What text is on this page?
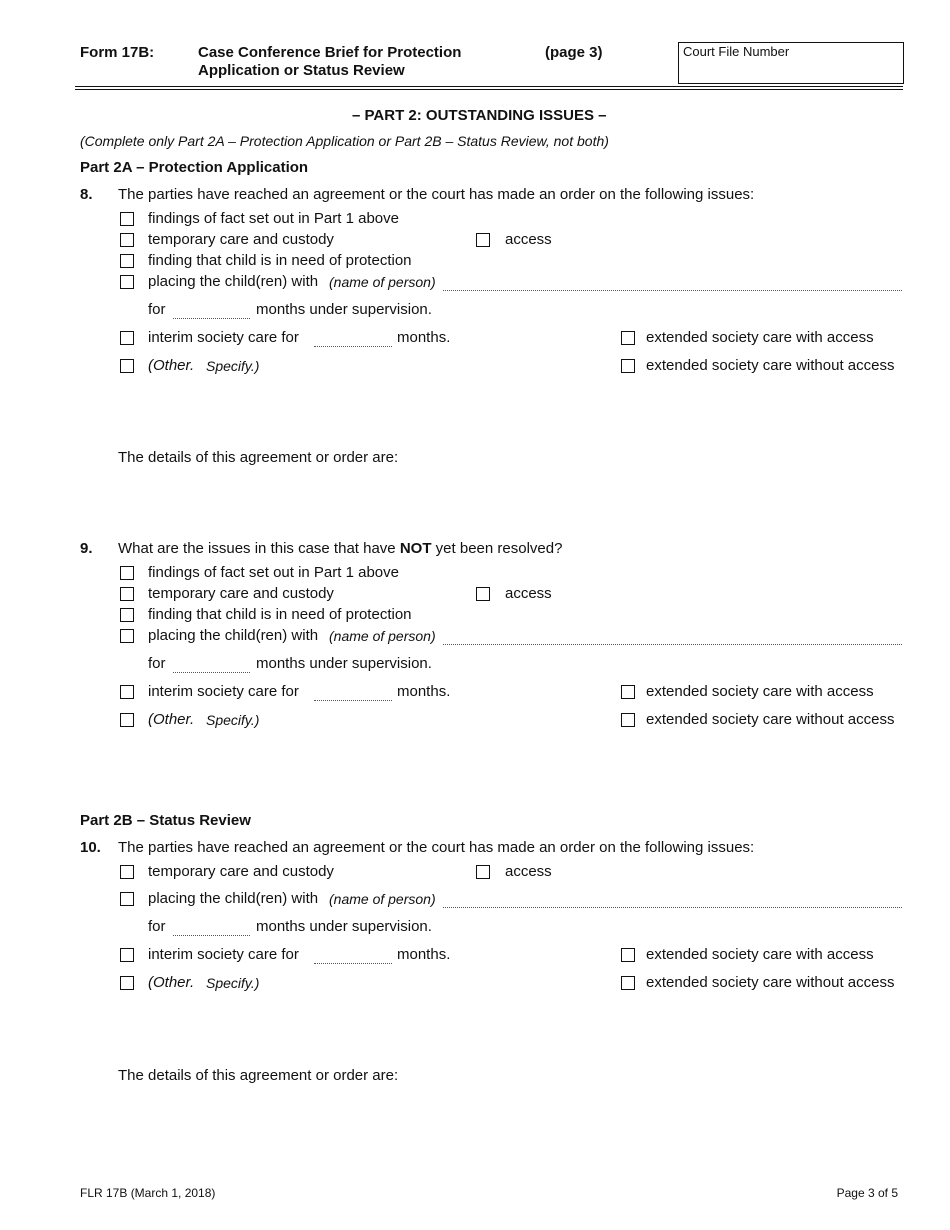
Form 17B:	Case Conference Brief for Protection
Application or Status Review
(page 3)	Court File Number
– PART 2: OUTSTANDING ISSUES –
(Complete only Part 2A – Protection Application or Part 2B – Status Review, not both)
Part 2A – Protection Application
8. The parties have reached an agreement or the court has made an order on the following issues:
findings of fact set out in Part 1 above
temporary care and custody	access
finding that child is in need of protection
placing the child(ren) with (name of person)
for	months under supervision.
interim society care for	months.	extended society care with access
(Other. Specify.)	extended society care without access
The details of this agreement or order are:
9. What are the issues in this case that have NOT yet been resolved?
findings of fact set out in Part 1 above
temporary care and custody	access
finding that child is in need of protection
placing the child(ren) with (name of person)
for	months under supervision.
interim society care for	months.	extended society care with access
(Other. Specify.)	extended society care without access
Part 2B – Status Review
10. The parties have reached an agreement or the court has made an order on the following issues:
temporary care and custody	access
placing the child(ren) with (name of person)
for	months under supervision.
interim society care for	months.	extended society care with access
(Other. Specify.)	extended society care without access
The details of this agreement or order are:
FLR 17B (March 1, 2018)	Page 3 of 5
